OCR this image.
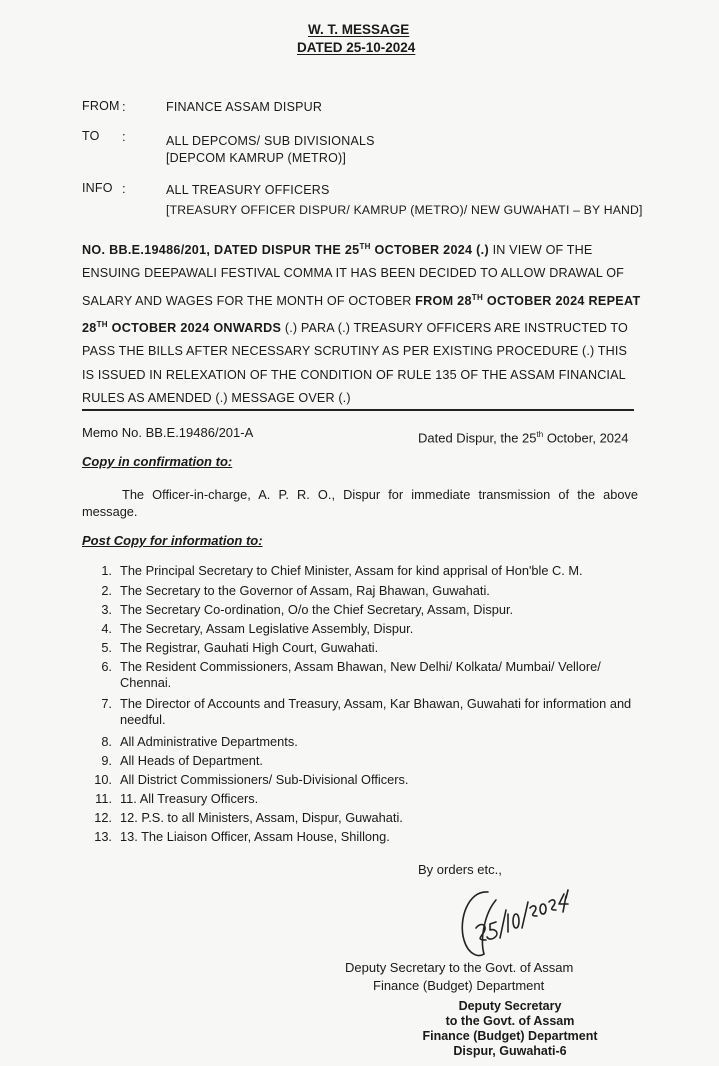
W. T. MESSAGE
DATED 25-10-2024
FROM :	FINANCE ASSAM DISPUR
TO :	ALL DEPCOMS/ SUB DIVISIONALS
[DEPCOM KAMRUP (METRO)]
INFO :	ALL TREASURY OFFICERS
[TREASURY OFFICER DISPUR/ KAMRUP (METRO)/ NEW GUWAHATI – BY HAND]
NO. BB.E.19486/201, DATED DISPUR THE 25TH OCTOBER 2024 (.) IN VIEW OF THE ENSUING DEEPAWALI FESTIVAL COMMA IT HAS BEEN DECIDED TO ALLOW DRAWAL OF SALARY AND WAGES FOR THE MONTH OF OCTOBER FROM 28TH OCTOBER 2024 REPEAT 28TH OCTOBER 2024 ONWARDS (.) PARA (.) TREASURY OFFICERS ARE INSTRUCTED TO PASS THE BILLS AFTER NECESSARY SCRUTINY AS PER EXISTING PROCEDURE (.) THIS IS ISSUED IN RELEXATION OF THE CONDITION OF RULE 135 OF THE ASSAM FINANCIAL RULES AS AMENDED (.) MESSAGE OVER (.)
Memo No. BB.E.19486/201-A	Dated Dispur, the 25th October, 2024
Copy in confirmation to:
The Officer-in-charge, A. P. R. O., Dispur for immediate transmission of the above message.
Post Copy for information to:
1. The Principal Secretary to Chief Minister, Assam for kind apprisal of Hon'ble C. M.
2. The Secretary to the Governor of Assam, Raj Bhawan, Guwahati.
3. The Secretary Co-ordination, O/o the Chief Secretary, Assam, Dispur.
4. The Secretary, Assam Legislative Assembly, Dispur.
5. The Registrar, Gauhati High Court, Guwahati.
6. The Resident Commissioners, Assam Bhawan, New Delhi/ Kolkata/ Mumbai/ Vellore/ Chennai.
7. The Director of Accounts and Treasury, Assam, Kar Bhawan, Guwahati for information and needful.
8. All Administrative Departments.
9. All Heads of Department.
10. All District Commissioners/ Sub-Divisional Officers.
11. 11. All Treasury Officers.
12. 12. P.S. to all Ministers, Assam, Dispur, Guwahati.
13. 13. The Liaison Officer, Assam House, Shillong.
By orders etc.,
Deputy Secretary to the Govt. of Assam
Finance (Budget) Department
Deputy Secretary
to the Govt. of Assam
Finance (Budget) Department
Dispur, Guwahati-6
